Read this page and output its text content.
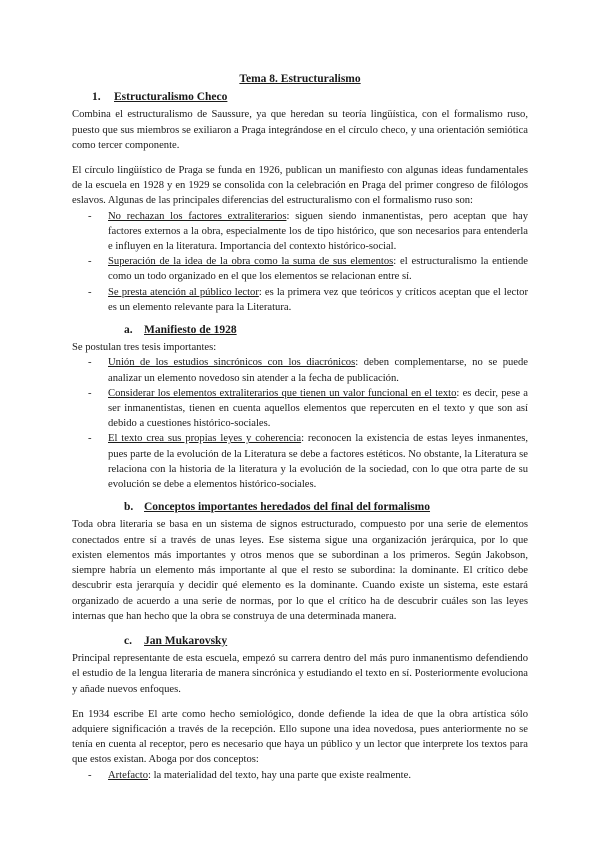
Tema 8. Estructuralismo
1. Estructuralismo Checo

Combina el estructuralismo de Saussure, ya que heredan su teoría lingüística, con el formalismo ruso, puesto que sus miembros se exiliaron a Praga integrándose en el círculo checo, y una orientación semiótica como tercer componente.

El círculo lingüístico de Praga se funda en 1926, publican un manifiesto con algunas ideas fundamentales de la escuela en 1928 y en 1929 se consolida con la celebración en Praga del primer congreso de filólogos eslavos. Algunas de las principales diferencias del estructuralismo con el formalismo ruso son:

- No rechazan los factores extraliterarios: siguen siendo inmanentistas, pero aceptan que hay factores externos a la obra, especialmente los de tipo histórico, que son necesarios para entenderla e influyen en la literatura. Importancia del contexto histórico-social.
- Superación de la idea de la obra como la suma de sus elementos: el estructuralismo la entiende como un todo organizado en el que los elementos se relacionan entre sí.
- Se presta atención al público lector: es la primera vez que teóricos y críticos aceptan que el lector es un elemento relevante para la Literatura.
a. Manifiesto de 1928

Se postulan tres tesis importantes:

- Unión de los estudios sincrónicos con los diacrónicos: deben complementarse, no se puede analizar un elemento novedoso sin atender a la fecha de publicación.
- Considerar los elementos extraliterarios que tienen un valor funcional en el texto: es decir, pese a ser inmanentistas, tienen en cuenta aquellos elementos que repercuten en el texto y que son así debido a cuestiones histórico-sociales.
- El texto crea sus propias leyes y coherencia: reconocen la existencia de estas leyes inmanentes, pues parte de la evolución de la Literatura se debe a factores estéticos. No obstante, la Literatura se relaciona con la historia de la literatura y la evolución de la sociedad, con lo que otra parte de su evolución se debe a elementos histórico-sociales.
b. Conceptos importantes heredados del final del formalismo

Toda obra literaria se basa en un sistema de signos estructurado, compuesto por una serie de elementos conectados entre sí a través de unas leyes. Ese sistema sigue una organización jerárquica, por lo que existen elementos más importantes y otros menos que se subordinan a los primeros. Según Jakobson, siempre habría un elemento más importante al que el resto se subordina: la dominante. El crítico debe descubrir esta jerarquía y decidir qué elemento es la dominante. Cuando existe un sistema, este estará organizado de acuerdo a una serie de normas, por lo que el crítico ha de descubrir cuáles son las leyes internas que han hecho que la obra se construya de una determinada manera.

c. Jan Mukarovsky

Principal representante de esta escuela, empezó su carrera dentro del más puro inmanentismo defendiendo el estudio de la lengua literaria de manera sincrónica y estudiando el texto en sí. Posteriormente evoluciona y añade nuevos enfoques.

En 1934 escribe El arte como hecho semiológico, donde defiende la idea de que la obra artística sólo adquiere significación a través de la recepción. Ello supone una idea novedosa, pues anteriormente no se tenía en cuenta al receptor, pero es necesario que haya un público y un lector que interprete los textos para que estos existan. Aboga por dos conceptos:

- Artefacto: la materialidad del texto, hay una parte que existe realmente.
